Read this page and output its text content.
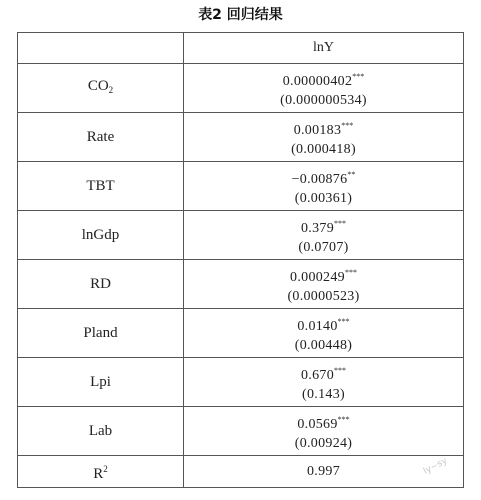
表2 回归结果
	lnY
$CO_2$	0.00000402***
(0.000000534)

Rate	0.00183***
(0.000418)

TBT	−0.00876**
(0.00361)

lnGdp	0.379***
(0.0707)

RD	0.000249***
(0.0000523)

Pland	0.0140***
(0.00448)

Lpi	0.670***
(0.143)

Lab	0.0569***
(0.00924)

$R^2$	0.997	ly~sy
